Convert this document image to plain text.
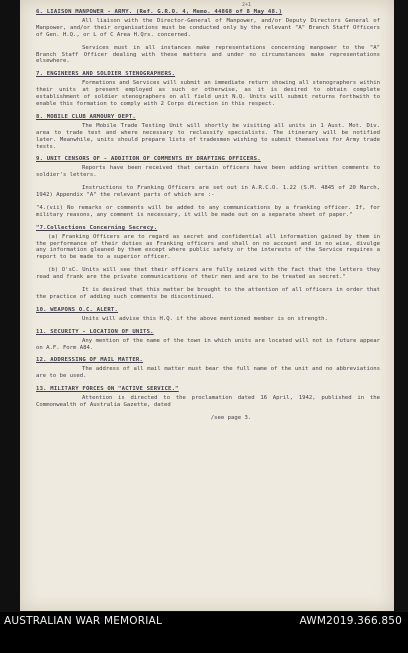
2+1
6. LIAISON MANPOWER - ARMY. (Ref. G.R.O. 4, Memo. 44868 of 8 May 48.)

All liaison with the Director-General of Manpower, and/or Deputy Directors General of Manpower, and/or their organisations must be conducted only by the relevant "A" Branch Staff Officers of Gen. H.Q., or L of C Area H.Qrs. concerned.

Services must in all instances make representations concerning manpower to the "A" Branch Staff Officer dealing with these matters and under no circumstances make representations elsewhere.

7. ENGINEERS AND SOLDIER STENOGRAPHERS.

Formations and Services will submit an immediate return showing all stenographers within their units at present employed as such or otherwise, as it is desired to obtain complete establishment of soldier stenographers on all field unit N.Q. Units will submit returns forthwith to enable this formation to comply with 2 Corps direction in this respect.

8. MOBILE CLUB ARMOURY DEPT.

The Mobile Trade Testing Unit will shortly be visiting all units in 1 Aust. Mot. Div. area to trade test and where necessary to reclassify specialists. The itinerary will be notified later. Meanwhile, units should prepare lists of tradesmen wishing to submit themselves for Army trade tests.

9. UNIT CENSORS OF - ADDITION OF COMMENTS BY DRAFTING OFFICERS.

Reports have been received that certain officers have been adding written comments to soldier's letters.

Instructions to Franking Officers are set out in A.R.C.O. 1.22 (S.M. 4845 of 20 March, 1942) Appendix "A" the relevant parts of which are :-

"4.(vii) No remarks or comments will be added to any communications by a franking officer. If, for military reasons, any comment is necessary, it will be made out on a separate sheet of paper."

"7.Collections Concerning Secrecy.

(a) Franking Officers are to regard as secret and confidential all information gained by them in the performance of their duties as Franking officers and shall on no account and in no wise, divulge any information gleaned by them except where public safety or the interests of the Service requires a report to be made to a superior officer.

(b) O'sC. Units will see that their officers are fully seized with the fact that the letters they read and frank are the private communications of their men and are to be treated as secret."

It is desired that this matter be brought to the attention of all officers in order that the practice of adding such comments be discontinued.

10. WEAPONS O.C. ALERT.

Units will advise this H.Q. if the above mentioned member is on strength.

11. SECURITY - LOCATION OF UNITS.

Any mention of the name of the town in which units are located will not in future appear on A.F. Form A84.

12. ADDRESSING OF MAIL MATTER.

The address of all mail matter must bear the full name of the unit and no abbreviations are to be used.

13. MILITARY FORCES ON "ACTIVE SERVICE."

Attention is directed to the proclamation dated 16 April, 1942, published in the Commonwealth of Australia Gazette, dated

/see page 3.

AUSTRALIAN WAR MEMORIAL	AWM2019.366.850
